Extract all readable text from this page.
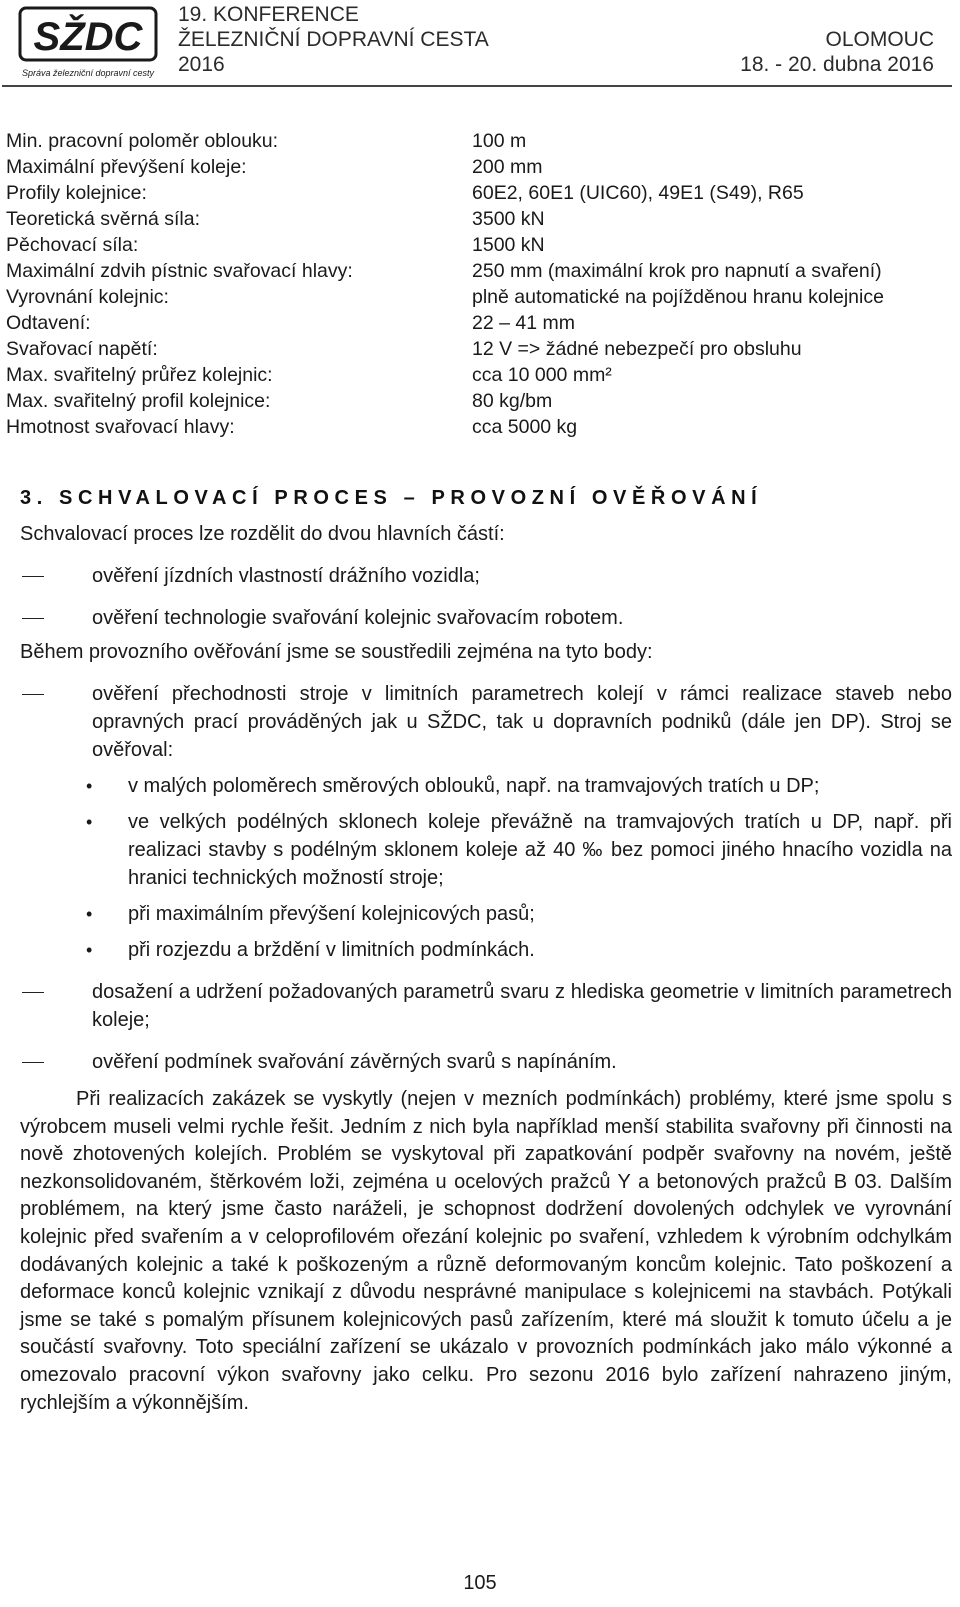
SŽDC
Správa železniční dopravní cesty
19. KONFERENCE
ŽELEZNIČNÍ DOPRAVNÍ CESTA
2016
OLOMOUC
18. - 20. dubna 2016
Min. pracovní poloměr oblouku:	100 m
Maximální převýšení koleje:	200 mm
Profily kolejnice:	60E2, 60E1 (UIC60), 49E1 (S49), R65
Teoretická svěrná síla:	3500 kN
Pěchovací síla:	1500 kN
Maximální zdvih pístnic svařovací hlavy:	250 mm (maximální krok pro napnutí a svaření)
Vyrovnání kolejnic:	plně automatické na pojížděnou hranu kolejnice
Odtavení:	22 – 41 mm
Svařovací napětí:	12 V => žádné nebezpečí pro obsluhu
Max. svařitelný průřez kolejnic:	cca 10 000 mm²
Max. svařitelný profil kolejnice:	80 kg/bm
Hmotnost svařovací hlavy:	cca 5000 kg
3. SCHVALOVACÍ PROCES – PROVOZNÍ OVĚŘOVÁNÍ

Schvalovací proces lze rozdělit do dvou hlavních částí:

ověření jízdních vlastností drážního vozidla;
ověření technologie svařování kolejnic svařovacím robotem.

Během provozního ověřování jsme se soustředili zejména na tyto body:

ověření přechodnosti stroje v limitních parametrech kolejí v rámci realizace staveb nebo opravných prací prováděných jak u SŽDC, tak u dopravních podniků (dále jen DP). Stroj se ověřoval:
• v malých poloměrech směrových oblouků, např. na tramvajových tratích u DP;
• ve velkých podélných sklonech koleje převážně na tramvajových tratích u DP, např. při realizaci stavby s podélným sklonem koleje až 40 ‰ bez pomoci jiného hnacího vozidla na hranici technických možností stroje;
• při maximálním převýšení kolejnicových pasů;
• při rozjezdu a brždění v limitních podmínkách.
dosažení a udržení požadovaných parametrů svaru z hlediska geometrie v limitních parametrech koleje;
ověření podmínek svařování závěrných svarů s napínáním.

Při realizacích zakázek se vyskytly (nejen v mezních podmínkách) problémy, které jsme spolu s výrobcem museli velmi rychle řešit. Jedním z nich byla například menší stabilita svařovny při činnosti na nově zhotovených kolejích. Problém se vyskytoval při zapatkování podpěr svařovny na novém, ještě nezkonsolidovaném, štěrkovém loži, zejména u ocelových pražců Y a betonových pražců B 03. Dalším problémem, na který jsme často naráželi, je schopnost dodržení dovolených odchylek ve vyrovnání kolejnic před svařením a v celoprofilovém ořezání kolejnic po svaření, vzhledem k výrobním odchylkám dodávaných kolejnic a také k poškozeným a různě deformovaným koncům kolejnic. Tato poškození a deformace konců kolejnic vznikají z důvodu nesprávné manipulace s kolejnicemi na stavbách. Potýkali jsme se také s pomalým přísunem kolejnicových pasů zařízením, které má sloužit k tomuto účelu a je součástí svařovny. Toto speciální zařízení se ukázalo v provozních podmínkách jako málo výkonné a omezovalo pracovní výkon svařovny jako celku. Pro sezonu 2016 bylo zařízení nahrazeno jiným, rychlejším a výkonnějším.

105
